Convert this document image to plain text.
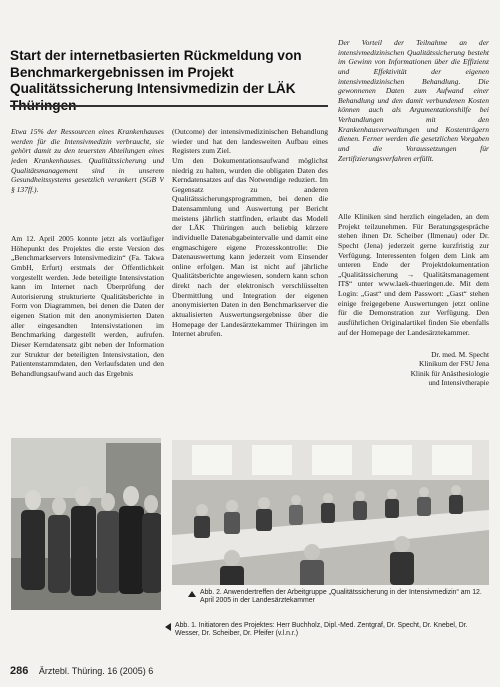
Start der internetbasierten Rückmeldung von Benchmarkergebnissen im Projekt Qualitätssicherung Intensivmedizin der LÄK Thüringen

Etwa 15% der Ressourcen eines Krankenhauses werden für die Intensivmedizin verbraucht, sie gehört damit zu den teuersten Abteilungen eines jeden Krankenhauses. Qualitätssicherung und Qualitätsmanagement sind in unserem Gesundheitssystems gesetzlich verankert (SGB V § 137ff.).

Am 12. April 2005 konnte jetzt als vorläufiger Höhepunkt des Projektes die erste Version des „Benchmarkservers Intensivmedizin“ (Fa. Takwa GmbH, Erfurt) erstmals der Öffentlichkeit vorgestellt werden. Jede beteiligte Intensivstation kann im Internet nach Überprüfung der Autorisierung strukturierte Qualitätsberichte in Form von Diagrammen, bei denen die Daten der eigenen Station mit den anonymisierten Daten aller eingesandten Intensivstationen im Benchmarking dargestellt werden, aufrufen. Dieser Kerndatensatz gibt neben der Information zur Struktur der beteiligten Intensivstation, den Patientenstammdaten, den Verlaufsdaten und den Behandlungsaufwand auch das Ergebnis

(Outcome) der intensivmedizinischen Behandlung wieder und hat den landesweiten Aufbau eines Registers zum Ziel.
Um den Dokumentationsaufwand möglichst niedrig zu halten, wurden die obligaten Daten des Kerndatensatzes auf das Notwendige reduziert. Im Gegensatz zu anderen Qualitätssicherungsprogrammen, bei denen die Datensammlung und Auswertung per Bericht meistens jährlich stattfinden, erlaubt das Modell der LÄK Thüringen auch beliebig kürzere individuelle Datenabgabeintervalle und damit eine engmaschigere eigene Prozesskontrolle: Die Datenauswertung kann jederzeit vom Einsender online erfolgen. Man ist nicht auf jährliche Qualitätsberichte angewiesen, sondern kann schon direkt nach der elektronisch verschlüsselten Übermittlung und Integration der eigenen anonymisierten Daten in den Benchmarkserver die aktualisierten Auswertungsergebnisse über die Homepage der Landesärztekammer Thüringen im Internet abrufen.

Der Vorteil der Teilnahme an der intensivmedizinischen Qualitätssicherung besteht im Gewinn von Informationen über die Effizienz und Effektivität der eigenen intensivmedizinischen Behandlung. Die gewonnenen Daten zum Aufwand einer Behandlung und den damit verbundenen Kosten können auch als Argumentationshilfe bei Verhandlungen mit den Krankenhausverwaltungen und Kostenträgern dienen. Ferner werden die gesetzlichen Vorgaben und die Voraussetzungen für Zertifizierungsverfahren erfüllt.

Alle Kliniken sind herzlich eingeladen, an dem Projekt teilzunehmen. Für Beratungsgespräche stehen ihnen Dr. Scheiber (Ilmenau) oder Dr. Specht (Jena) jederzeit gerne kurzfristig zur Verfügung. Interessenten folgen dem Link am unteren Ende der Projektdokumentation „Qualitätssicherung → Qualitätsmanagement IT$“ unter www.laek-thueringen.de. Mit dem Login: „Gast“ und dem Passwort: „Gast“ stehen einige freigegebene Auswertungen jetzt online für die Demonstration zur Verfügung. Den ausführlichen Originalartikel finden Sie ebenfalls auf der Homepage der Landesärztekammer.

Dr. med. M. Specht
Klinikum der FSU Jena
Klinik für Anästhesiologie
und Intensivtherapie

Abb. 2. Anwendertreffen der Arbeitgruppe „Qualitätssicherung in der Intensivmedizin“ am 12. April 2005 in der Landesärztekammer

Abb. 1. Initiatoren des Projektes: Herr Buchholz, Dipl.-Med. Zentgraf, Dr. Specht, Dr. Knebel, Dr. Wesser, Dr. Scheiber, Dr. Pfeifer (v.l.n.r.)

286 Ärztebl. Thüring. 16 (2005) 6
